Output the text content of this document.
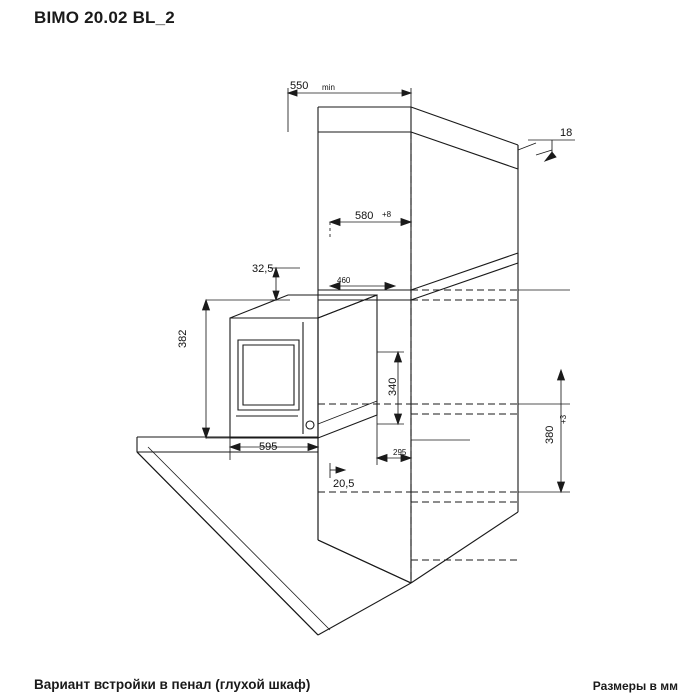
BIMO 20.02 BL_2
550 min
18
580 +8
32,5
460
382
340
380
+3
595
20,5
295
Вариант встройки в пенал (глухой шкаф)	Размеры в мм
